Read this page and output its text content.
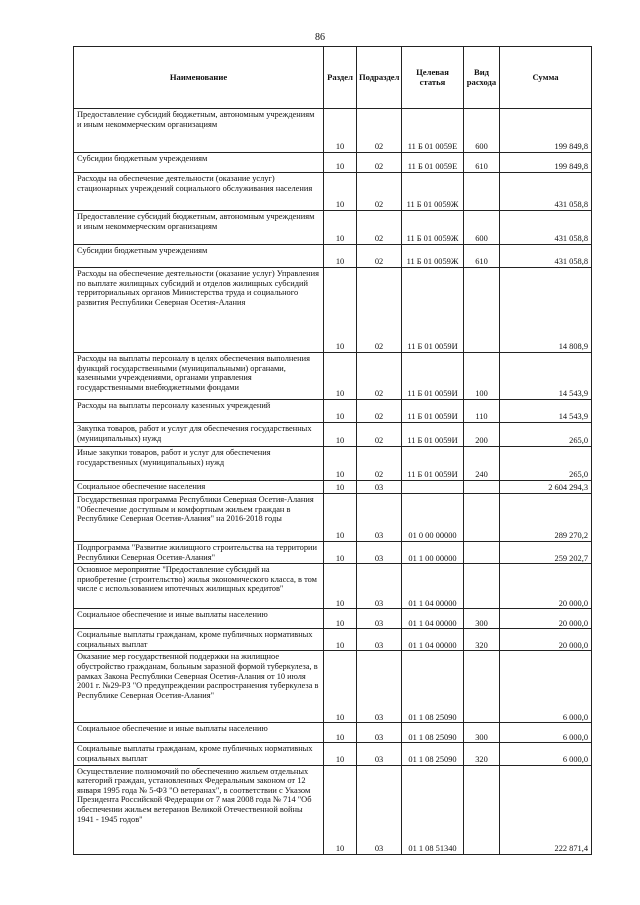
86
Наименование	Раздел	Подраздел	Целевая статья	Вид расхода	Сумма
Предоставление субсидий бюджетным, автономным учреждениям и иным некоммерческим организациям	10	02	11 Б 01 0059Е	600	199 849,8
Субсидии бюджетным учреждениям	10	02	11 Б 01 0059Е	610	199 849,8
Расходы на обеспечение деятельности (оказание услуг) стационарных учреждений социального обслуживания населения	10	02	11 Б 01 0059Ж		431 058,8
Предоставление субсидий бюджетным, автономным учреждениям и иным некоммерческим организациям	10	02	11 Б 01 0059Ж	600	431 058,8
Субсидии бюджетным учреждениям	10	02	11 Б 01 0059Ж	610	431 058,8
Расходы на обеспечение деятельности (оказание услуг) Управления по выплате жилищных субсидий и отделов жилищных субсидий территориальных органов Министерства труда и социального развития Республики Северная Осетия-Алания	10	02	11 Б 01 0059И		14 808,9
Расходы на выплаты персоналу в целях обеспечения выполнения функций государственными (муниципальными) органами, казенными учреждениями, органами управления государственными внебюджетными фондами	10	02	11 Б 01 0059И	100	14 543,9
Расходы на выплаты персоналу казенных учреждений	10	02	11 Б 01 0059И	110	14 543,9
Закупка товаров, работ и услуг для обеспечения государственных (муниципальных) нужд	10	02	11 Б 01 0059И	200	265,0
Иные закупки товаров, работ и услуг для обеспечения государственных (муниципальных) нужд	10	02	11 Б 01 0059И	240	265,0
Социальное обеспечение населения	10	03			2 604 294,3
Государственная программа Республики Северная Осетия-Алания "Обеспечение доступным и комфортным жильем граждан в Республике Северная Осетия-Алания" на 2016-2018 годы	10	03	01 0 00 00000		289 270,2
Подпрограмма "Развитие жилищного строительства на территории Республики Северная Осетия-Алания"	10	03	01 1 00 00000		259 202,7
Основное мероприятие "Предоставление субсидий на приобретение (строительство) жилья экономического класса, в том числе с использованием ипотечных жилищных кредитов"	10	03	01 1 04 00000		20 000,0
Социальное обеспечение и иные выплаты населению	10	03	01 1 04 00000	300	20 000,0
Социальные выплаты гражданам, кроме публичных нормативных социальных выплат	10	03	01 1 04 00000	320	20 000,0
Оказание мер государственной поддержки на жилищное обустройство гражданам, больным заразной формой туберкулеза, в рамках Закона Республики Северная Осетия-Алания от 10 июля 2001 г. №29-РЗ "О предупреждении распространения туберкулеза в Республике Северная Осетия-Алания"	10	03	01 1 08 25090		6 000,0
Социальное обеспечение и иные выплаты населению	10	03	01 1 08 25090	300	6 000,0
Социальные выплаты гражданам, кроме публичных нормативных социальных выплат	10	03	01 1 08 25090	320	6 000,0
Осуществление полномочий по обеспечению жильем отдельных категорий граждан, установленных Федеральным законом от 12 января 1995 года № 5-ФЗ "О ветеранах", в соответствии с Указом Президента Российской Федерации от 7 мая 2008 года № 714 "Об обеспечении жильем ветеранов Великой Отечественной войны 1941 - 1945 годов"	10	03	01 1 08 51340		222 871,4
